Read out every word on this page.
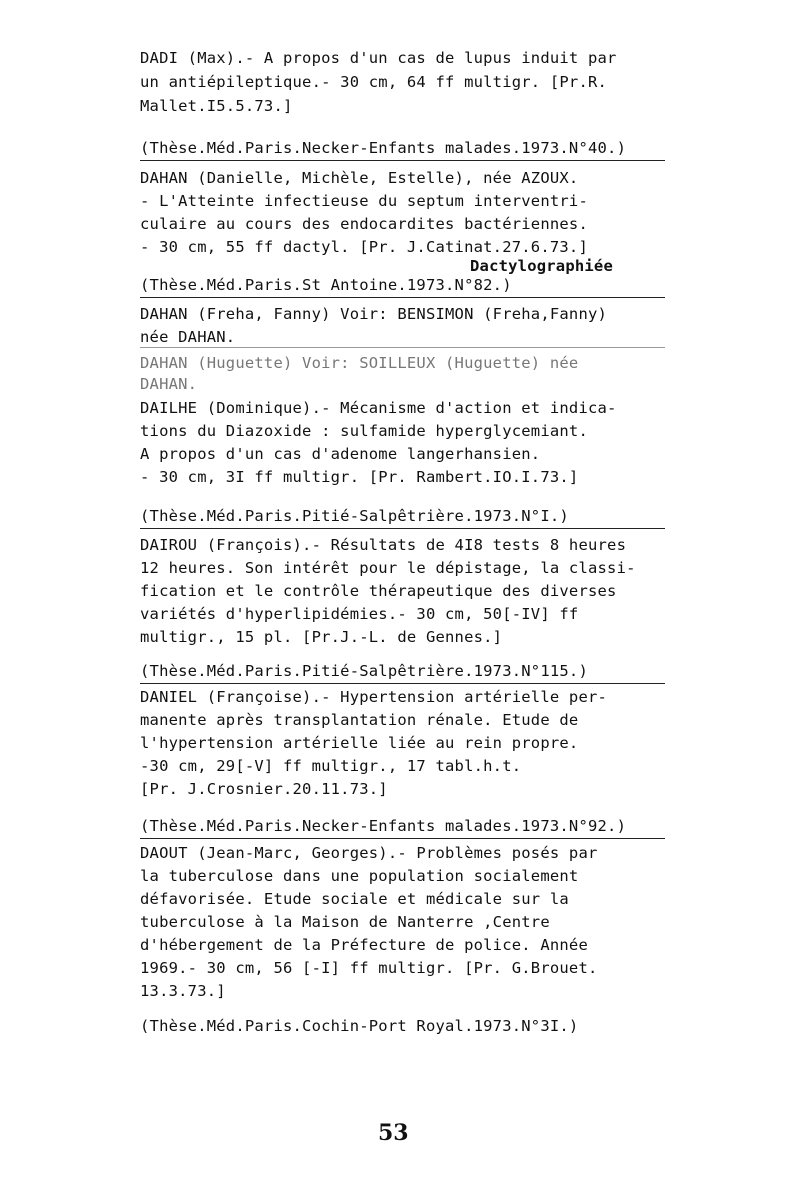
DADI (Max).- A propos d'un cas de lupus induit par
un antiépileptique.- 30 cm, 64 ff multigr. [Pr.R.
Mallet.I5.5.73.]
(Thèse.Méd.Paris.Necker-Enfants malades.1973.N°40.)
DAHAN (Danielle, Michèle, Estelle), née AZOUX.
- L'Atteinte infectieuse du septum interventri-
culaire au cours des endocardites bactériennes.
- 30 cm, 55 ff dactyl. [Pr. J.Catinat.27.6.73.]
Dactylographiée
(Thèse.Méd.Paris.St Antoine.1973.N°82.)
DAHAN (Freha, Fanny) Voir: BENSIMON (Freha,Fanny)
née DAHAN.
DAHAN (Huguette) Voir: SOILLEUX (Huguette) née
DAHAN.
DAILHE (Dominique).- Mécanisme d'action et indica-
tions du Diazoxide : sulfamide hyperglycemiant.
A propos d'un cas d'adenome langerhansien.
- 30 cm, 3I ff multigr. [Pr. Rambert.IO.I.73.]
(Thèse.Méd.Paris.Pitié-Salpêtrière.1973.N°I.)
DAIROU (François).- Résultats de 4I8 tests 8 heures
12 heures. Son intérêt pour le dépistage, la classi-
fication et le contrôle thérapeutique des diverses
variétés d'hyperlipidémies.- 30 cm, 50[-IV] ff
multigr., 15 pl. [Pr.J.-L. de Gennes.]
(Thèse.Méd.Paris.Pitié-Salpêtrière.1973.N°115.)
DANIEL (Françoise).- Hypertension artérielle per-
manente après transplantation rénale. Etude de
l'hypertension artérielle liée au rein propre.
-30 cm, 29[-V] ff multigr., 17 tabl.h.t.
[Pr. J.Crosnier.20.11.73.]
(Thèse.Méd.Paris.Necker-Enfants malades.1973.N°92.)
DAOUT (Jean-Marc, Georges).- Problèmes posés par
la tuberculose dans une population socialement
défavorisée. Etude sociale et médicale sur la
tuberculose à la Maison de Nanterre ,Centre
d'hébergement de la Préfecture de police. Année
1969.- 30 cm, 56 [-I] ff multigr. [Pr. G.Brouet.
13.3.73.]
(Thèse.Méd.Paris.Cochin-Port Royal.1973.N°3I.)
53
